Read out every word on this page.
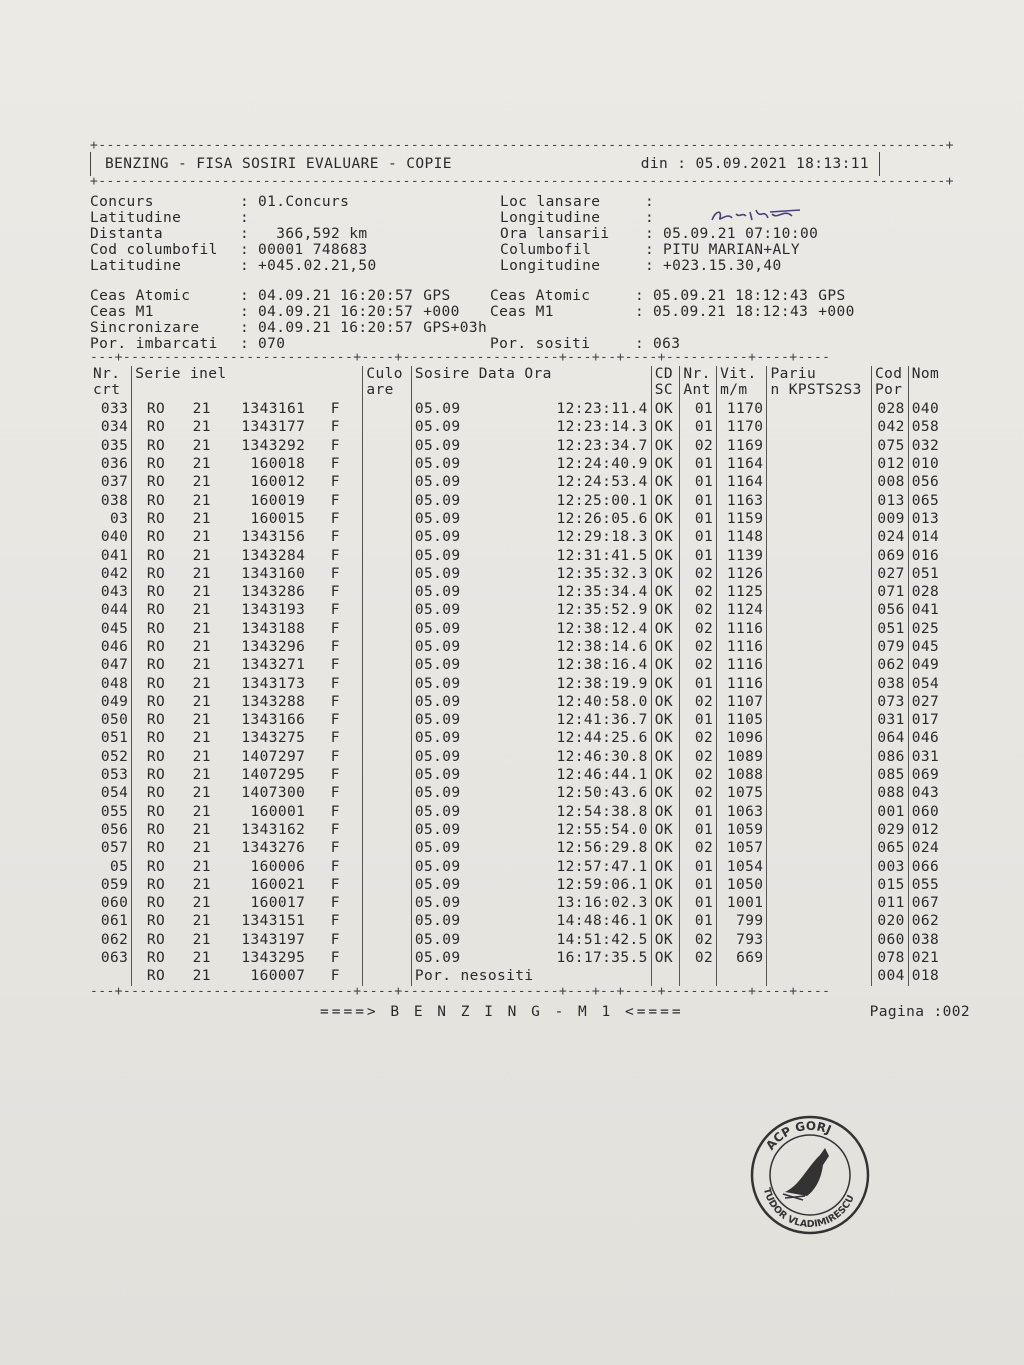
+-------------------------------------------------------------------------------------------------------+
BENZING - FISA SOSIRI EVALUARE - COPIE	din : 05.09.2021 18:13:11
+-------------------------------------------------------------------------------------------------------+
Concurs	: 01.Concurs
Latitudine	:
Distanta	: 366,592 km
Cod columbofil	: 00001 748683
Latitudine	: +045.02.21,50
Loc lansare	:
Longitudine	:
Ora lansarii	: 05.09.21 07:10:00
Columbofil	: PITU MARIAN+ALY
Longitudine	: +023.15.30,40
Ceas Atomic	: 04.09.21 16:20:57 GPS
Ceas M1	: 04.09.21 16:20:57 +000
Sincronizare	: 04.09.21 16:20:57 GPS+03h
Por. imbarcati	: 070
Ceas Atomic	: 05.09.21 18:12:43 GPS
Ceas M1	: 05.09.21 18:12:43 +000
Por. sositi	: 063
---+----------------------------+----+-------------------+---+--+----+----------+----+----
Nr. crt	Serie inel				Culo are	Sosire Data Ora		CD SC	Nr. Ant	Vit. m/m	Pariu      n KPSTS2S3	Cod Por	Nom
033	RO	21	1343161	F		05.09	12:23:11.4	OK	01	1170		028	040
034	RO	21	1343177	F		05.09	12:23:14.3	OK	01	1170		042	058
035	RO	21	1343292	F		05.09	12:23:34.7	OK	02	1169		075	032
036	RO	21	160018	F		05.09	12:24:40.9	OK	01	1164		012	010
037	RO	21	160012	F		05.09	12:24:53.4	OK	01	1164		008	056
038	RO	21	160019	F		05.09	12:25:00.1	OK	01	1163		013	065
03	RO	21	160015	F		05.09	12:26:05.6	OK	01	1159		009	013
040	RO	21	1343156	F		05.09	12:29:18.3	OK	01	1148		024	014
041	RO	21	1343284	F		05.09	12:31:41.5	OK	01	1139		069	016
042	RO	21	1343160	F		05.09	12:35:32.3	OK	02	1126		027	051
043	RO	21	1343286	F		05.09	12:35:34.4	OK	02	1125		071	028
044	RO	21	1343193	F		05.09	12:35:52.9	OK	02	1124		056	041
045	RO	21	1343188	F		05.09	12:38:12.4	OK	02	1116		051	025
046	RO	21	1343296	F		05.09	12:38:14.6	OK	02	1116		079	045
047	RO	21	1343271	F		05.09	12:38:16.4	OK	02	1116		062	049
048	RO	21	1343173	F		05.09	12:38:19.9	OK	01	1116		038	054
049	RO	21	1343288	F		05.09	12:40:58.0	OK	02	1107		073	027
050	RO	21	1343166	F		05.09	12:41:36.7	OK	01	1105		031	017
051	RO	21	1343275	F		05.09	12:44:25.6	OK	02	1096		064	046
052	RO	21	1407297	F		05.09	12:46:30.8	OK	02	1089		086	031
053	RO	21	1407295	F		05.09	12:46:44.1	OK	02	1088		085	069
054	RO	21	1407300	F		05.09	12:50:43.6	OK	02	1075		088	043
055	RO	21	160001	F		05.09	12:54:38.8	OK	01	1063		001	060
056	RO	21	1343162	F		05.09	12:55:54.0	OK	01	1059		029	012
057	RO	21	1343276	F		05.09	12:56:29.8	OK	02	1057		065	024
05	RO	21	160006	F		05.09	12:57:47.1	OK	01	1054		003	066
059	RO	21	160021	F		05.09	12:59:06.1	OK	01	1050		015	055
060	RO	21	160017	F		05.09	13:16:02.3	OK	01	1001		011	067
061	RO	21	1343151	F		05.09	14:48:46.1	OK	01	799		020	062
062	RO	21	1343197	F		05.09	14:51:42.5	OK	02	793		060	038
063	RO	21	1343295	F		05.09	16:17:35.5	OK	02	669		078	021
	RO	21	160007	F		Por. nesositi						004	018
---+----------------------------+----+-------------------+---+--+----+----------+----+----
====> B E N Z I N G - M 1 <====	Pagina :002
ACP GORJ
TUDOR VLADIMIRESCU
